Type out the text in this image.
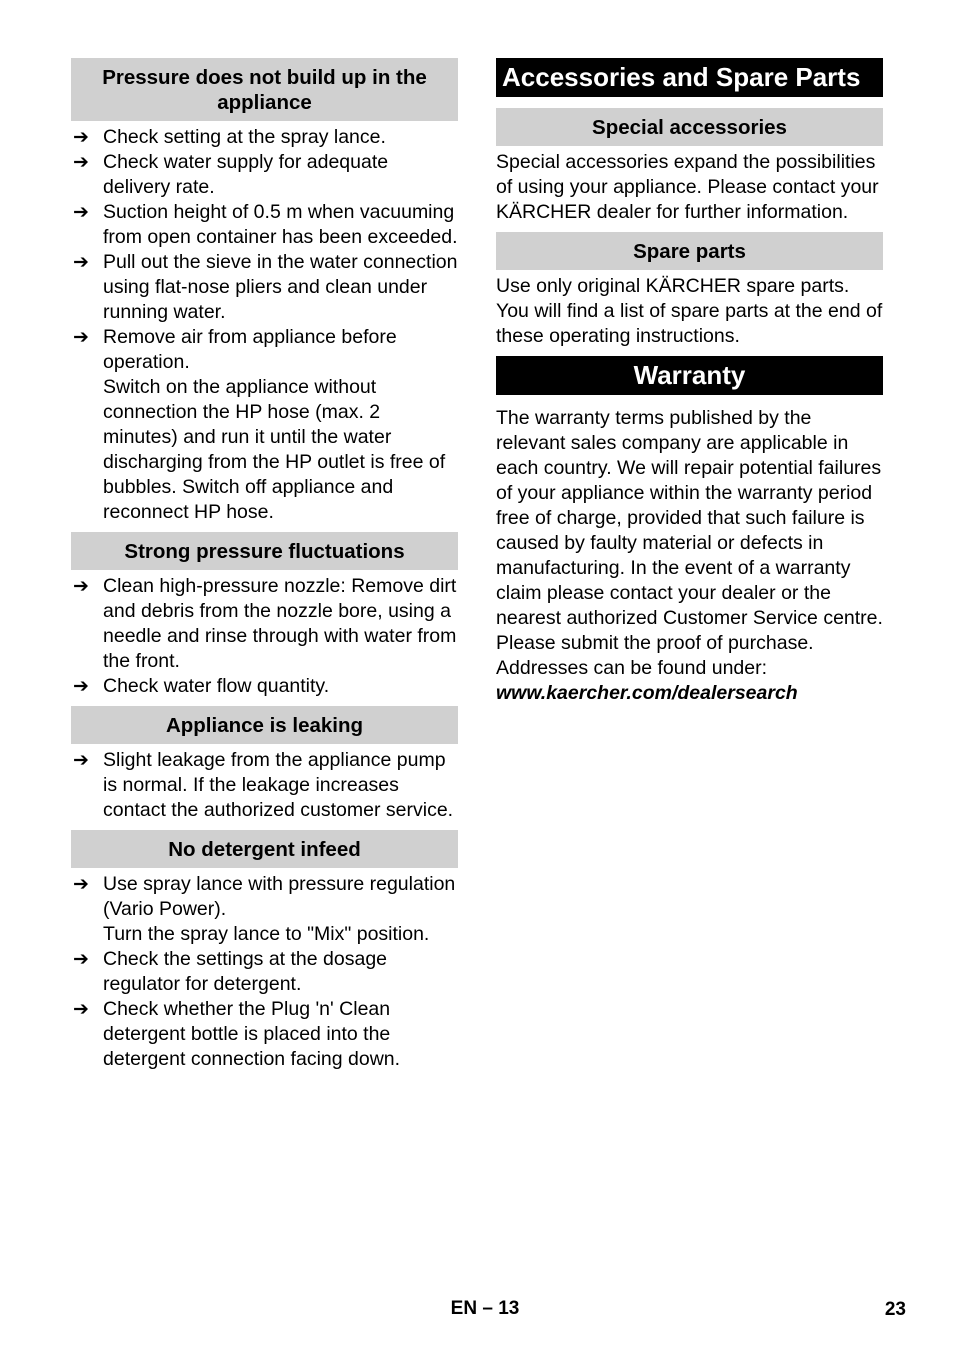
Pressure does not build up in the appliance
➔ Check setting at the spray lance.

➔ Check water supply for adequate delivery rate.

➔ Suction height of 0.5 m when vacuuming from open container has been exceeded.

➔ Pull out the sieve in the water connection using flat-nose pliers and clean under running water.

➔ Remove air from appliance before operation.

Switch on the appliance without connection the HP hose (max. 2 minutes) and run it until the water discharging from the HP outlet is free of bubbles. Switch off appliance and reconnect HP hose.

Strong pressure fluctuations
➔ Clean high-pressure nozzle: Remove dirt and debris from the nozzle bore, using a needle and rinse through with water from the front.

➔ Check water flow quantity.

Appliance is leaking
➔ Slight leakage from the appliance pump is normal. If the leakage increases contact the authorized customer service.

No detergent infeed
➔ Use spray lance with pressure regulation (Vario Power).

Turn the spray lance to "Mix" position.

➔ Check the settings at the dosage regulator for detergent.

➔ Check whether the Plug 'n' Clean detergent bottle is placed into the detergent connection facing down.

Accessories and Spare Parts
Special accessories

Special accessories expand the possibilities of using your appliance. Please contact your KÄRCHER dealer for further information.

Spare parts

Use only original KÄRCHER spare parts. You will find a list of spare parts at the end of these operating instructions.

Warranty

The warranty terms published by the relevant sales company are applicable in each country. We will repair potential failures of your appliance within the warranty period free of charge, provided that such failure is caused by faulty material or defects in manufacturing. In the event of a warranty claim please contact your dealer or the nearest authorized Customer Service centre. Please submit the proof of purchase.

Addresses can be found under:

www.kaercher.com/dealersearch

EN – 13	23
